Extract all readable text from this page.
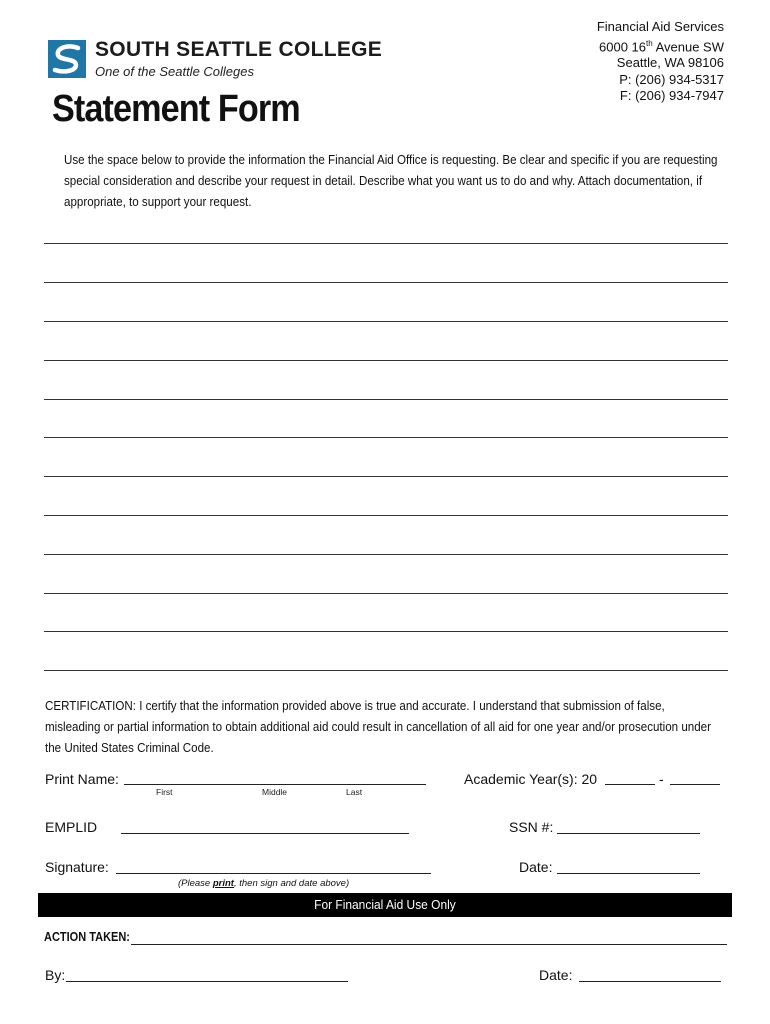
SOUTH SEATTLE COLLEGE
One of the Seattle Colleges
Financial Aid Services
6000 16th Avenue SW
Seattle, WA 98106
P: (206) 934-5317
F: (206) 934-7947
Statement Form
Use the space below to provide the information the Financial Aid Office is requesting. Be clear and specific if you are requesting special consideration and describe your request in detail. Describe what you want us to do and why. Attach documentation, if appropriate, to support your request.
CERTIFICATION: I certify that the information provided above is true and accurate. I understand that submission of false, misleading or partial information to obtain additional aid could result in cancellation of all aid for one year and/or prosecution under the United States Criminal Code.
Print Name:
First	Middle	Last
Academic Year(s): 20	-
EMPLID	SSN #:
Signature:	Date:
(Please print, then sign and date above)
For Financial Aid Use Only
ACTION TAKEN:
By:	Date:
